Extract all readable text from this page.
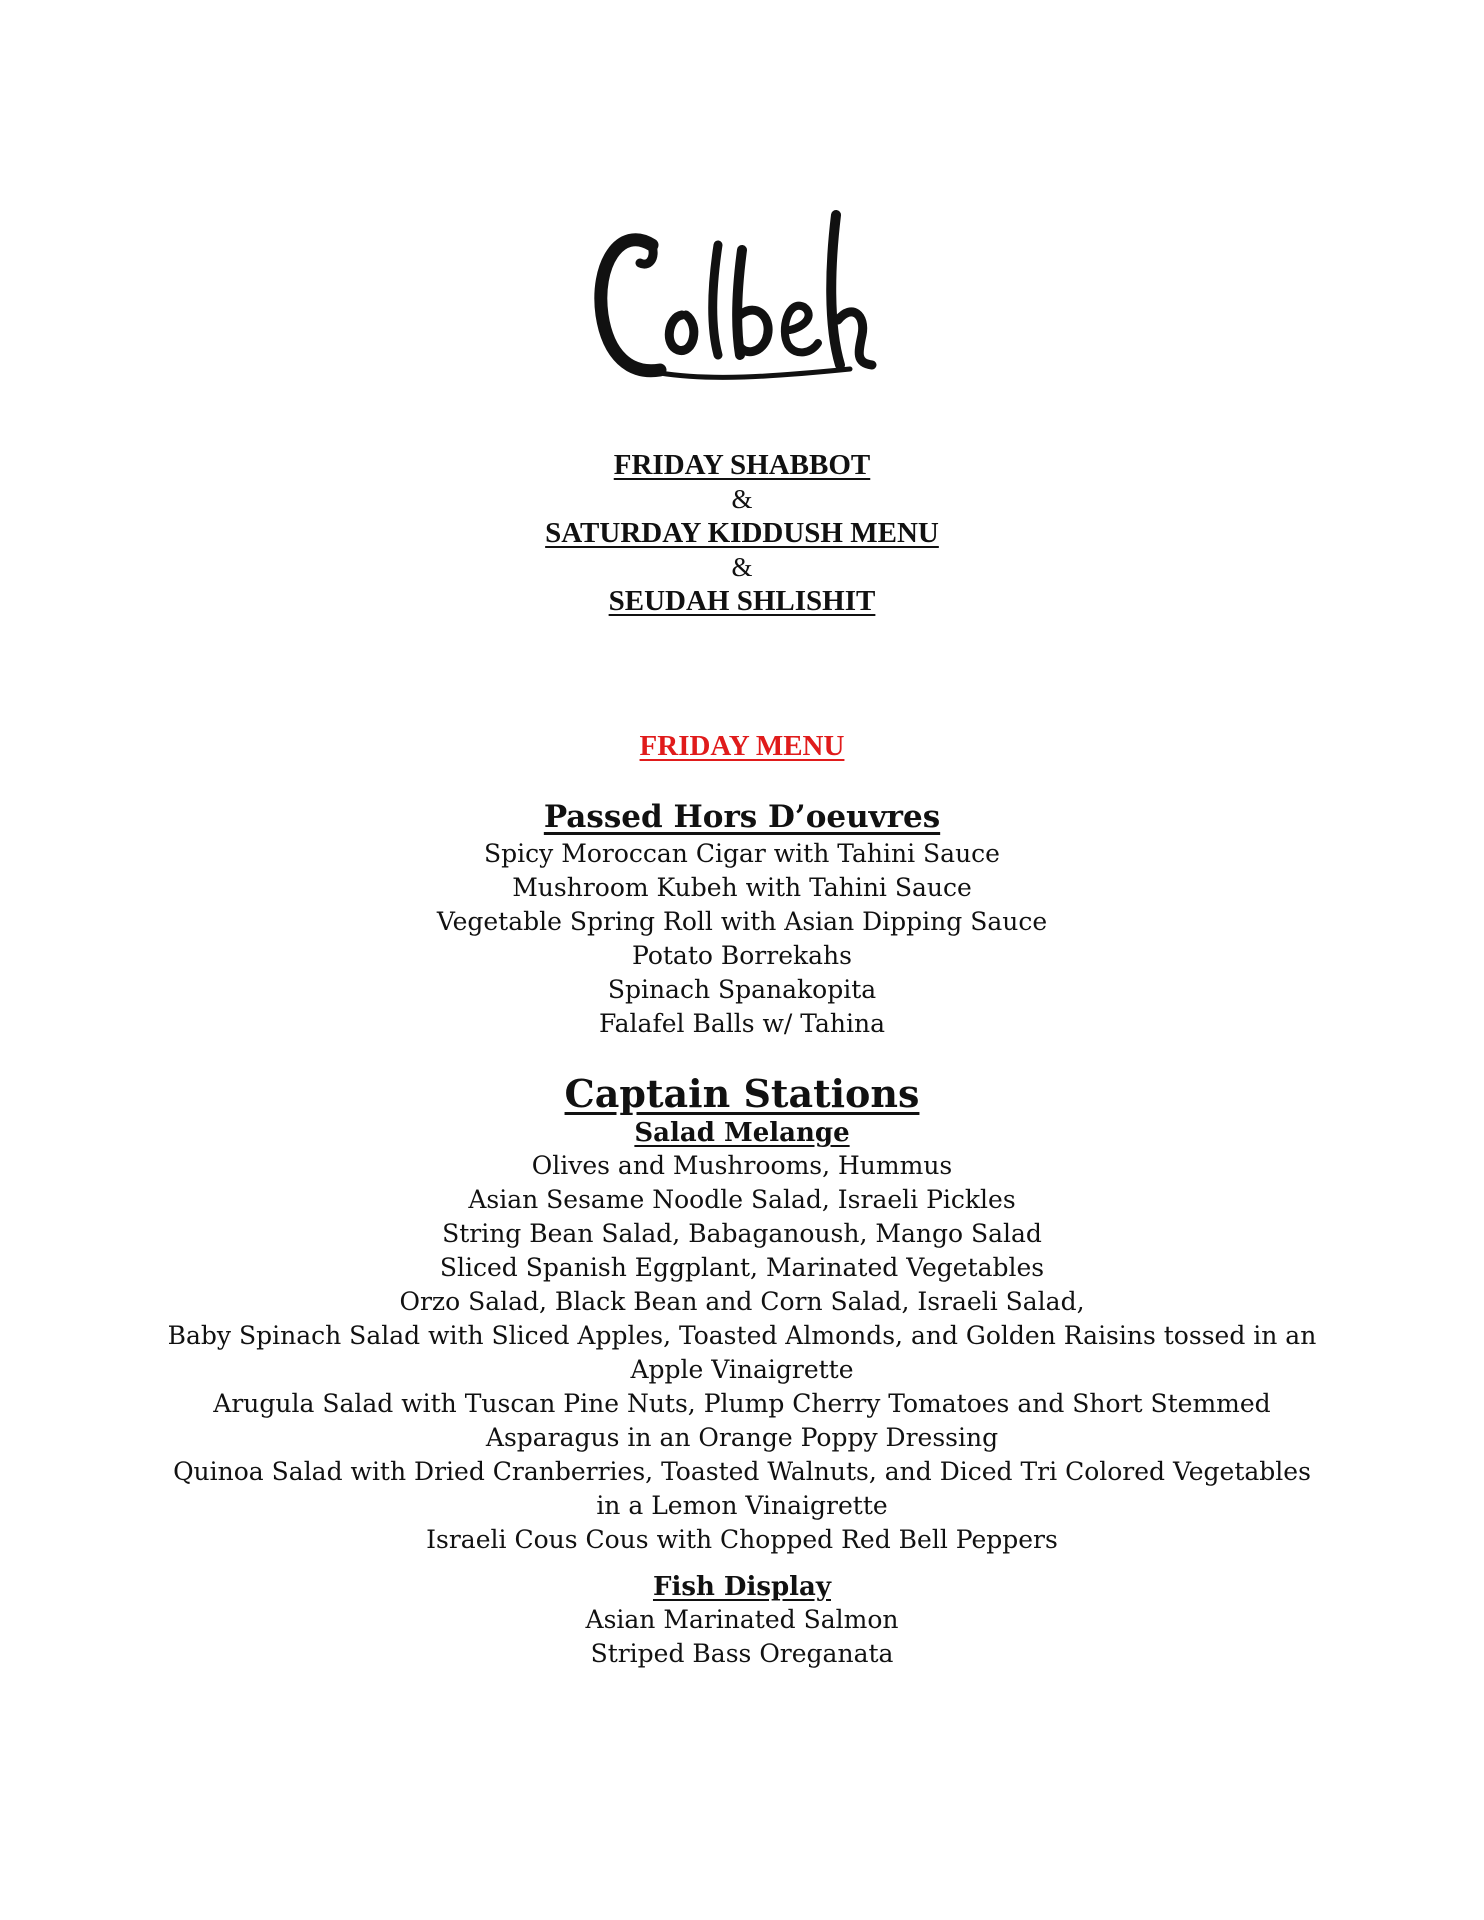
FRIDAY SHABBOT
&
SATURDAY KIDDUSH MENU
&
SEUDAH SHLISHIT
FRIDAY MENU
Passed Hors D’oeuvres
Spicy Moroccan Cigar with Tahini Sauce
Mushroom Kubeh with Tahini Sauce
Vegetable Spring Roll with Asian Dipping Sauce
Potato Borrekahs
Spinach Spanakopita
Falafel Balls w/ Tahina
Captain Stations
Salad Melange
Olives and Mushrooms, Hummus
Asian Sesame Noodle Salad, Israeli Pickles
String Bean Salad, Babaganoush, Mango Salad
Sliced Spanish Eggplant, Marinated Vegetables
Orzo Salad, Black Bean and Corn Salad, Israeli Salad,
Baby Spinach Salad with Sliced Apples, Toasted Almonds, and Golden Raisins tossed in an
Apple Vinaigrette
Arugula Salad with Tuscan Pine Nuts, Plump Cherry Tomatoes and Short Stemmed
Asparagus in an Orange Poppy Dressing
Quinoa Salad with Dried Cranberries, Toasted Walnuts, and Diced Tri Colored Vegetables
in a Lemon Vinaigrette
Israeli Cous Cous with Chopped Red Bell Peppers
Fish Display
Asian Marinated Salmon
Striped Bass Oreganata
